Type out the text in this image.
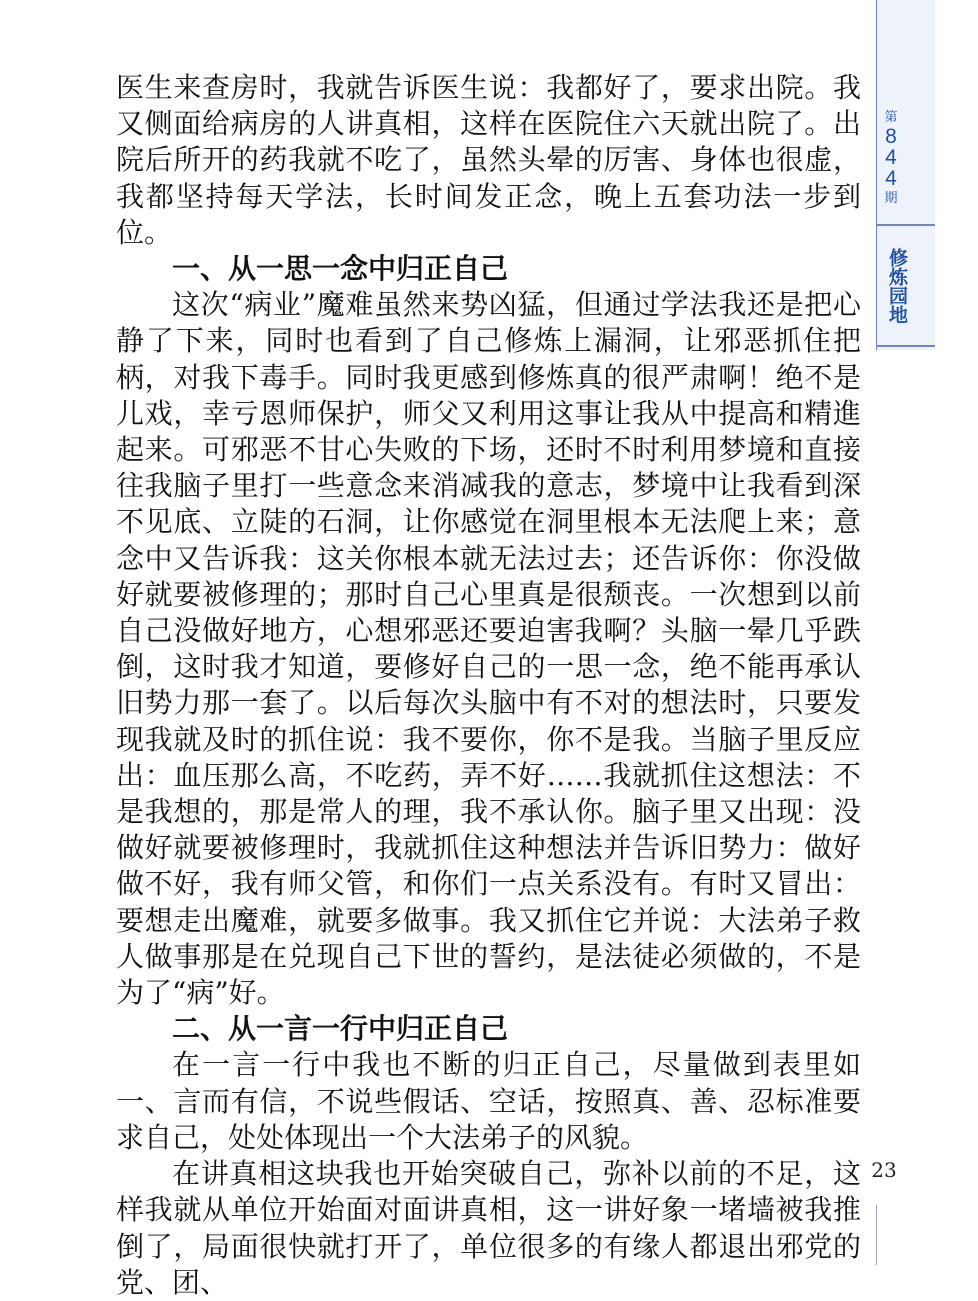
第
8
4
4
期
修炼园地

医生来查房时，我就告诉医生说：我都好了，要求出院。我又侧面给病房的人讲真相，这样在医院住六天就出院了。出院后所开的药我就不吃了，虽然头晕的厉害、身体也很虚，我都坚持每天学法，长时间发正念，晚上五套功法一步到位。

一、从一思一念中归正自己

这次“病业”魔难虽然来势凶猛，但通过学法我还是把心静了下来，同时也看到了自己修炼上漏洞，让邪恶抓住把柄，对我下毒手。同时我更感到修炼真的很严肃啊！绝不是儿戏，幸亏恩师保护，师父又利用这事让我从中提高和精進起来。可邪恶不甘心失败的下场，还时不时利用梦境和直接往我脑子里打一些意念来消减我的意志，梦境中让我看到深不见底、立陡的石洞，让你感觉在洞里根本无法爬上来；意念中又告诉我：这关你根本就无法过去；还告诉你：你没做好就要被修理的；那时自己心里真是很颓丧。一次想到以前自己没做好地方，心想邪恶还要迫害我啊？头脑一晕几乎跌倒，这时我才知道，要修好自己的一思一念，绝不能再承认旧势力那一套了。以后每次头脑中有不对的想法时，只要发现我就及时的抓住说：我不要你，你不是我。当脑子里反应出：血压那么高，不吃药，弄不好……我就抓住这想法：不是我想的，那是常人的理，我不承认你。脑子里又出现：没做好就要被修理时，我就抓住这种想法并告诉旧势力：做好做不好，我有师父管，和你们一点关系没有。有时又冒出：要想走出魔难，就要多做事。我又抓住它并说：大法弟子救人做事那是在兑现自己下世的誓约，是法徒必须做的，不是为了“病”好。

二、从一言一行中归正自己

在一言一行中我也不断的归正自己，尽量做到表里如一、言而有信，不说些假话、空话，按照真、善、忍标准要求自己，处处体现出一个大法弟子的风貌。

在讲真相这块我也开始突破自己，弥补以前的不足，这样我就从单位开始面对面讲真相，这一讲好象一堵墙被我推倒了，局面很快就打开了，单位很多的有缘人都退出邪党的党、团、

23
